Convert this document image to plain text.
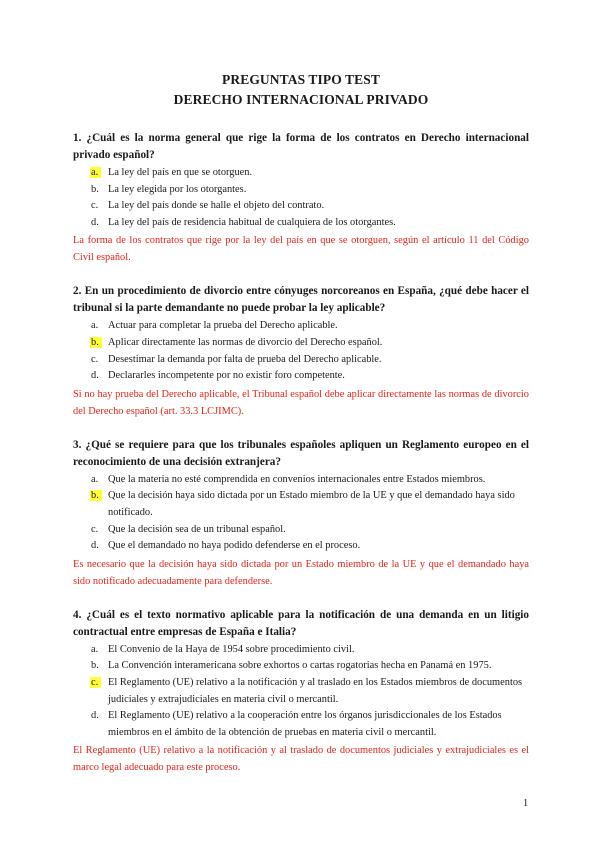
PREGUNTAS TIPO TEST

DERECHO INTERNACIONAL PRIVADO

1. ¿Cuál es la norma general que rige la forma de los contratos en Derecho internacional privado español?

a. La ley del país en que se otorguen.
b. La ley elegida por los otorgantes.
c. La ley del país donde se halle el objeto del contrato.
d. La ley del país de residencia habitual de cualquiera de los otorgantes.

La forma de los contratos que rige por la ley del país en que se otorguen, según el artículo 11 del Código Civil español.

2. En un procedimiento de divorcio entre cónyuges norcoreanos en España, ¿qué debe hacer el tribunal si la parte demandante no puede probar la ley aplicable?

a. Actuar para completar la prueba del Derecho aplicable.
b. Aplicar directamente las normas de divorcio del Derecho español.
c. Desestimar la demanda por falta de prueba del Derecho aplicable.
d. Declararles incompetente por no existir foro competente.

Si no hay prueba del Derecho aplicable, el Tribunal español debe aplicar directamente las normas de divorcio del Derecho español (art. 33.3 LCJIMC).

3. ¿Qué se requiere para que los tribunales españoles apliquen un Reglamento europeo en el reconocimiento de una decisión extranjera?

a. Que la materia no esté comprendida en convenios internacionales entre Estados miembros.
b. Que la decisión haya sido dictada por un Estado miembro de la UE y que el demandado haya sido notificado.
c. Que la decisión sea de un tribunal español.
d. Que el demandado no haya podido defenderse en el proceso.

Es necesario que la decisión haya sido dictada por un Estado miembro de la UE y que el demandado haya sido notificado adecuadamente para defenderse.

4. ¿Cuál es el texto normativo aplicable para la notificación de una demanda en un litigio contractual entre empresas de España e Italia?

a. El Convenio de la Haya de 1954 sobre procedimiento civil.
b. La Convención interamericana sobre exhortos o cartas rogatorias hecha en Panamá en 1975.
c. El Reglamento (UE) relativo a la notificación y al traslado en los Estados miembros de documentos judiciales y extrajudiciales en materia civil o mercantil.
d. El Reglamento (UE) relativo a la cooperación entre los órganos jurisdiccionales de los Estados miembros en el ámbito de la obtención de pruebas en materia civil o mercantil.

El Reglamento (UE) relativo a la notificación y al traslado de documentos judiciales y extrajudiciales es el marco legal adecuado para este proceso.

1
